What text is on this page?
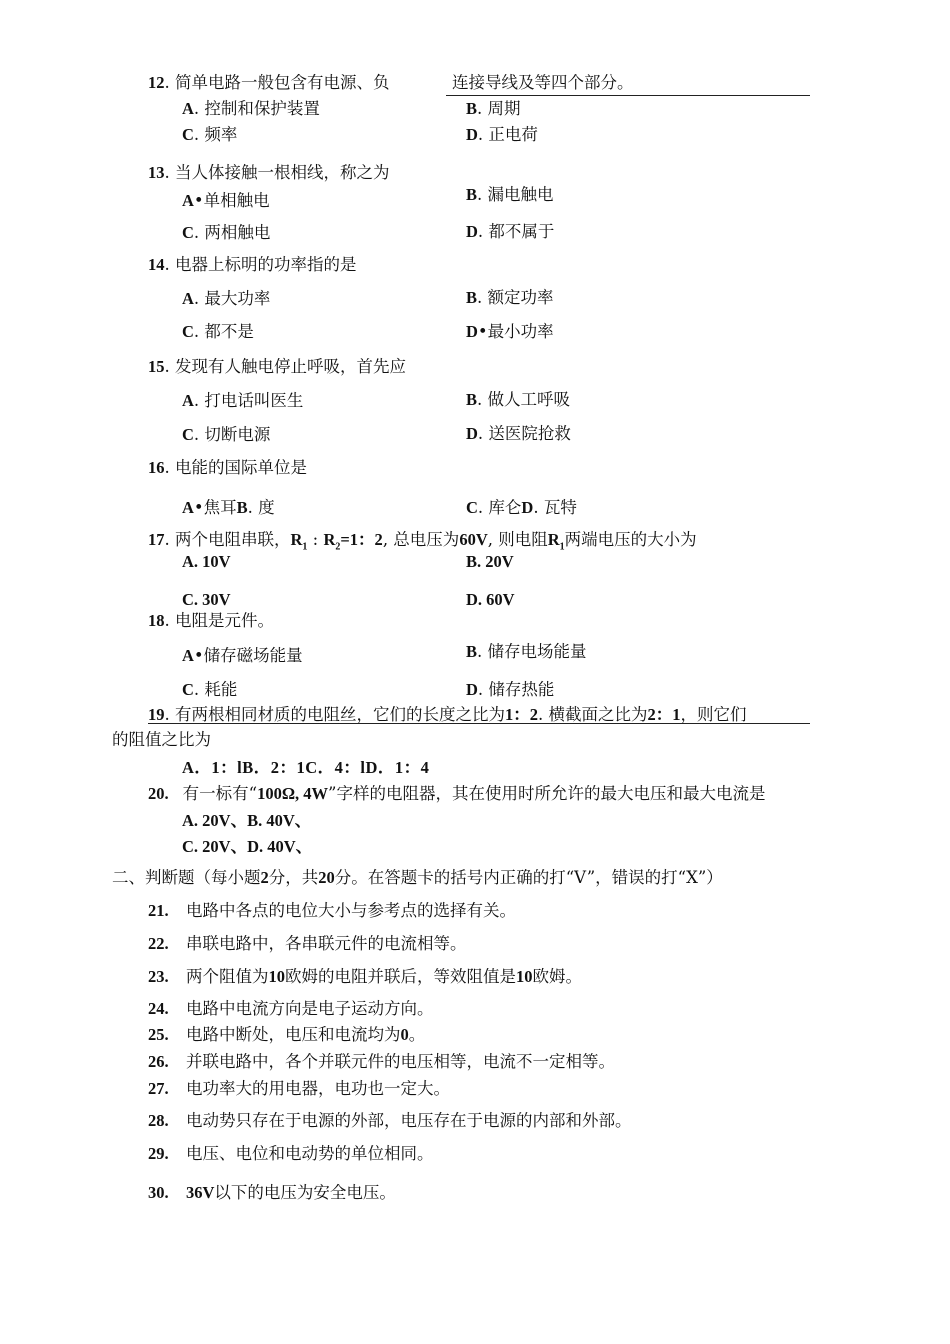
12. 简单电路一般包含有电源、负	连接导线及等四个部分。
A. 控制和保护装置	B. 周期
C. 频率	D. 正电荷
13. 当人体接触一根相线，称之为
A•单相触电	B. 漏电触电
C. 两相触电	D. 都不属于
14. 电器上标明的功率指的是
A. 最大功率	B. 额定功率
C. 都不是	D•最小功率
15. 发现有人触电停止呼吸，首先应
A. 打电话叫医生	B. 做人工呼吸
C. 切断电源	D. 送医院抢救
16. 电能的国际单位是
A•焦耳B. 度	C. 库仑D. 瓦特
17. 两个电阻串联，$R_1$ : $R_2=1$：2, 总电压为60V, 则电阻$R_1$两端电压的大小为
A. 10V	B. 20V
C. 30V	D. 60V
18. 电阻是元件。
A•储存磁场能量	B. 储存电场能量
C. 耗能	D. 储存热能
19. 有两根相同材质的电阻丝，它们的长度之比为1：2. 横截面之比为2：1，则它们
的阻值之比为
A．1：lB．2：1C．4：lD．1：4
20. 有一标有“100Ω, 4W”字样的电阻器，其在使用时所允许的最大电压和最大电流是
A. 20V、B. 40V、
C. 20V、D. 40V、
二、判断题（每小题2分，共20分。在答题卡的括号内正确的打“V”，错误的打“X”）
21. 电路中各点的电位大小与参考点的选择有关。
22. 串联电路中，各串联元件的电流相等。
23. 两个阻值为10欧姆的电阻并联后，等效阻值是10欧姆。
24. 电路中电流方向是电子运动方向。
25. 电路中断处，电压和电流均为0。
26. 并联电路中，各个并联元件的电压相等，电流不一定相等。
27. 电功率大的用电器，电功也一定大。
28. 电动势只存在于电源的外部，电压存在于电源的内部和外部。
29. 电压、电位和电动势的单位相同。
30. 36V以下的电压为安全电压。
